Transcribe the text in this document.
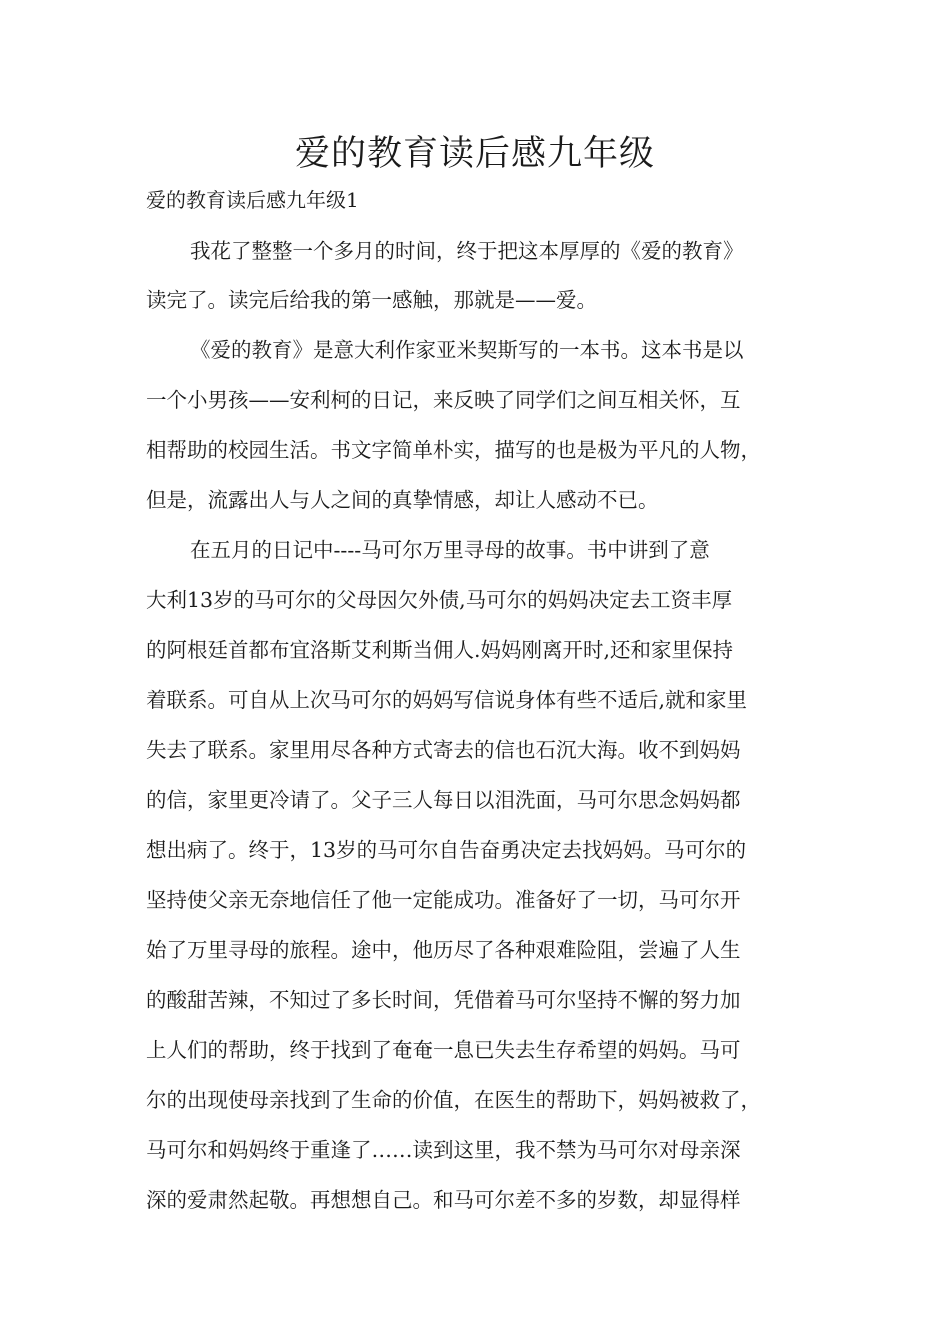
爱的教育读后感九年级

爱的教育读后感九年级1

我花了整整一个多月的时间，终于把这本厚厚的《爱的教育》

读完了。读完后给我的第一感触，那就是——爱。

《爱的教育》是意大利作家亚米契斯写的一本书。这本书是以

一个小男孩——安利柯的日记，来反映了同学们之间互相关怀，互

相帮助的校园生活。书文字简单朴实，描写的也是极为平凡的人物，

但是，流露出人与人之间的真挚情感，却让人感动不已。

在五月的日记中----马可尔万里寻母的故事。书中讲到了意

大利13岁的马可尔的父母因欠外债,马可尔的妈妈决定去工资丰厚

的阿根廷首都布宜洛斯艾利斯当佣人.妈妈刚离开时,还和家里保持

着联系。可自从上次马可尔的妈妈写信说身体有些不适后,就和家里

失去了联系。家里用尽各种方式寄去的信也石沉大海。收不到妈妈

的信，家里更冷请了。父子三人每日以泪洗面，马可尔思念妈妈都

想出病了。终于，13岁的马可尔自告奋勇决定去找妈妈。马可尔的

坚持使父亲无奈地信任了他一定能成功。准备好了一切，马可尔开

始了万里寻母的旅程。途中，他历尽了各种艰难险阻，尝遍了人生

的酸甜苦辣，不知过了多长时间，凭借着马可尔坚持不懈的努力加

上人们的帮助，终于找到了奄奄一息已失去生存希望的妈妈。马可

尔的出现使母亲找到了生命的价值，在医生的帮助下，妈妈被救了，

马可尔和妈妈终于重逢了……读到这里，我不禁为马可尔对母亲深

深的爱肃然起敬。再想想自己。和马可尔差不多的岁数，却显得样
